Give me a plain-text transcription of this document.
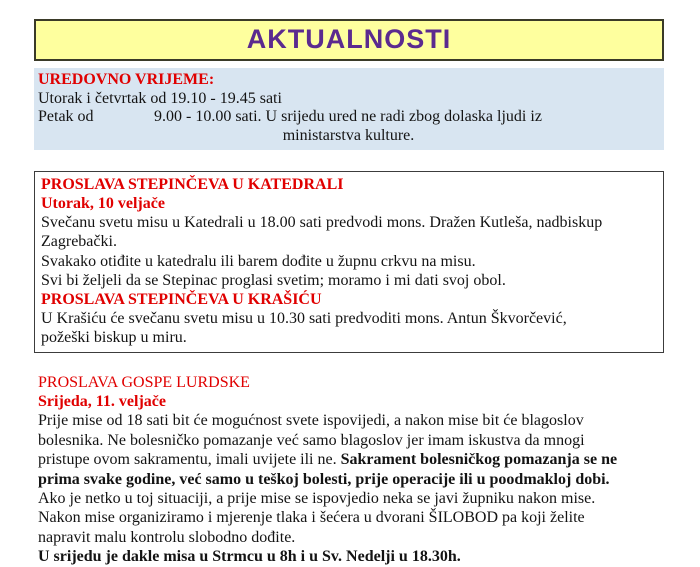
AKTUALNOSTI
UREDOVNO VRIJEME:
Utorak i četvrtak od 19.10 - 19.45 sati
Petak od	9.00 - 10.00 sati. U srijedu ured ne radi zbog dolaska ljudi iz
ministarstva kulture.
PROSLAVA STEPINČEVA U KATEDRALI
Utorak, 10 veljače
Svečanu svetu misu u Katedrali u 18.00 sati predvodi mons. Dražen Kutleša, nadbiskup
Zagrebački.
Svakako otiđite u katedralu ili barem dođite u župnu crkvu na misu.
Svi bi željeli da se Stepinac proglasi svetim; moramo i mi dati svoj obol.
PROSLAVA STEPINČEVA U KRAŠIĆU
U Krašiću će svečanu svetu misu u 10.30 sati predvoditi mons. Antun Škvorčević,
požeški biskup u miru.
PROSLAVA GOSPE LURDSKE
Srijeda, 11. veljače
Prije mise od 18 sati bit će mogućnost svete ispovijedi, a nakon mise bit će blagoslov
bolesnika. Ne bolesničko pomazanje već samo blagoslov jer imam iskustva da mnogi
pristupe ovom sakramentu, imali uvijete ili ne. Sakrament bolesničkog pomazanja se ne
prima svake godine, već samo u teškoj bolesti, prije operacije ili u poodmakloj dobi.
Ako je netko u toj situaciji, a prije mise se ispovjedio neka se javi župniku nakon mise.
Nakon mise organiziramo i mjerenje tlaka i šećera u dvorani ŠILOBOD pa koji želite
napravit malu kontrolu slobodno dođite.
U srijedu je dakle misa u Strmcu u 8h i u Sv. Nedelji u 18.30h.
